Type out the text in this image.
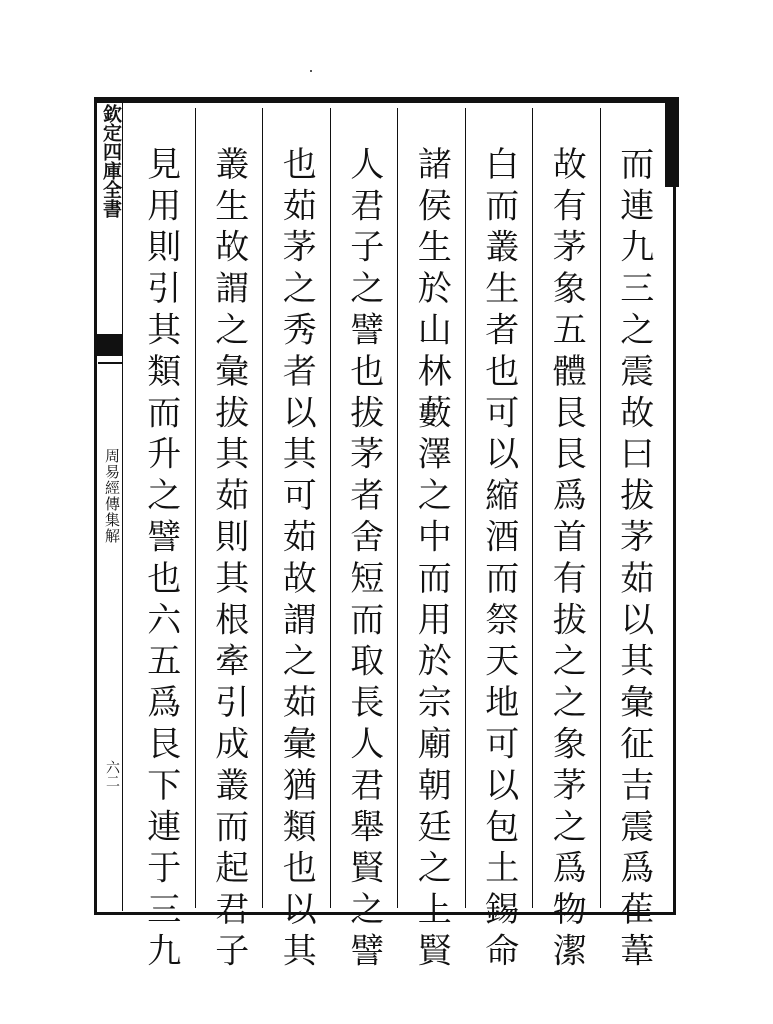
欽定四庫全書
周易經傳集解
六二	而連九三之震故曰拔茅茹以其彙征吉震爲萑葦
故有茅象五體艮艮爲首有拔之之象茅之爲物潔
白而叢生者也可以縮酒而祭天地可以包土錫命
諸侯生於山林藪澤之中而用於宗廟朝廷之上賢
人君子之譬也拔茅者舍短而取長人君舉賢之譬
也茹茅之秀者以其可茹故謂之茹彙猶類也以其
叢生故謂之彙拔其茹則其根牽引成叢而起君子
見用則引其類而升之譬也六五爲艮下連于三九
